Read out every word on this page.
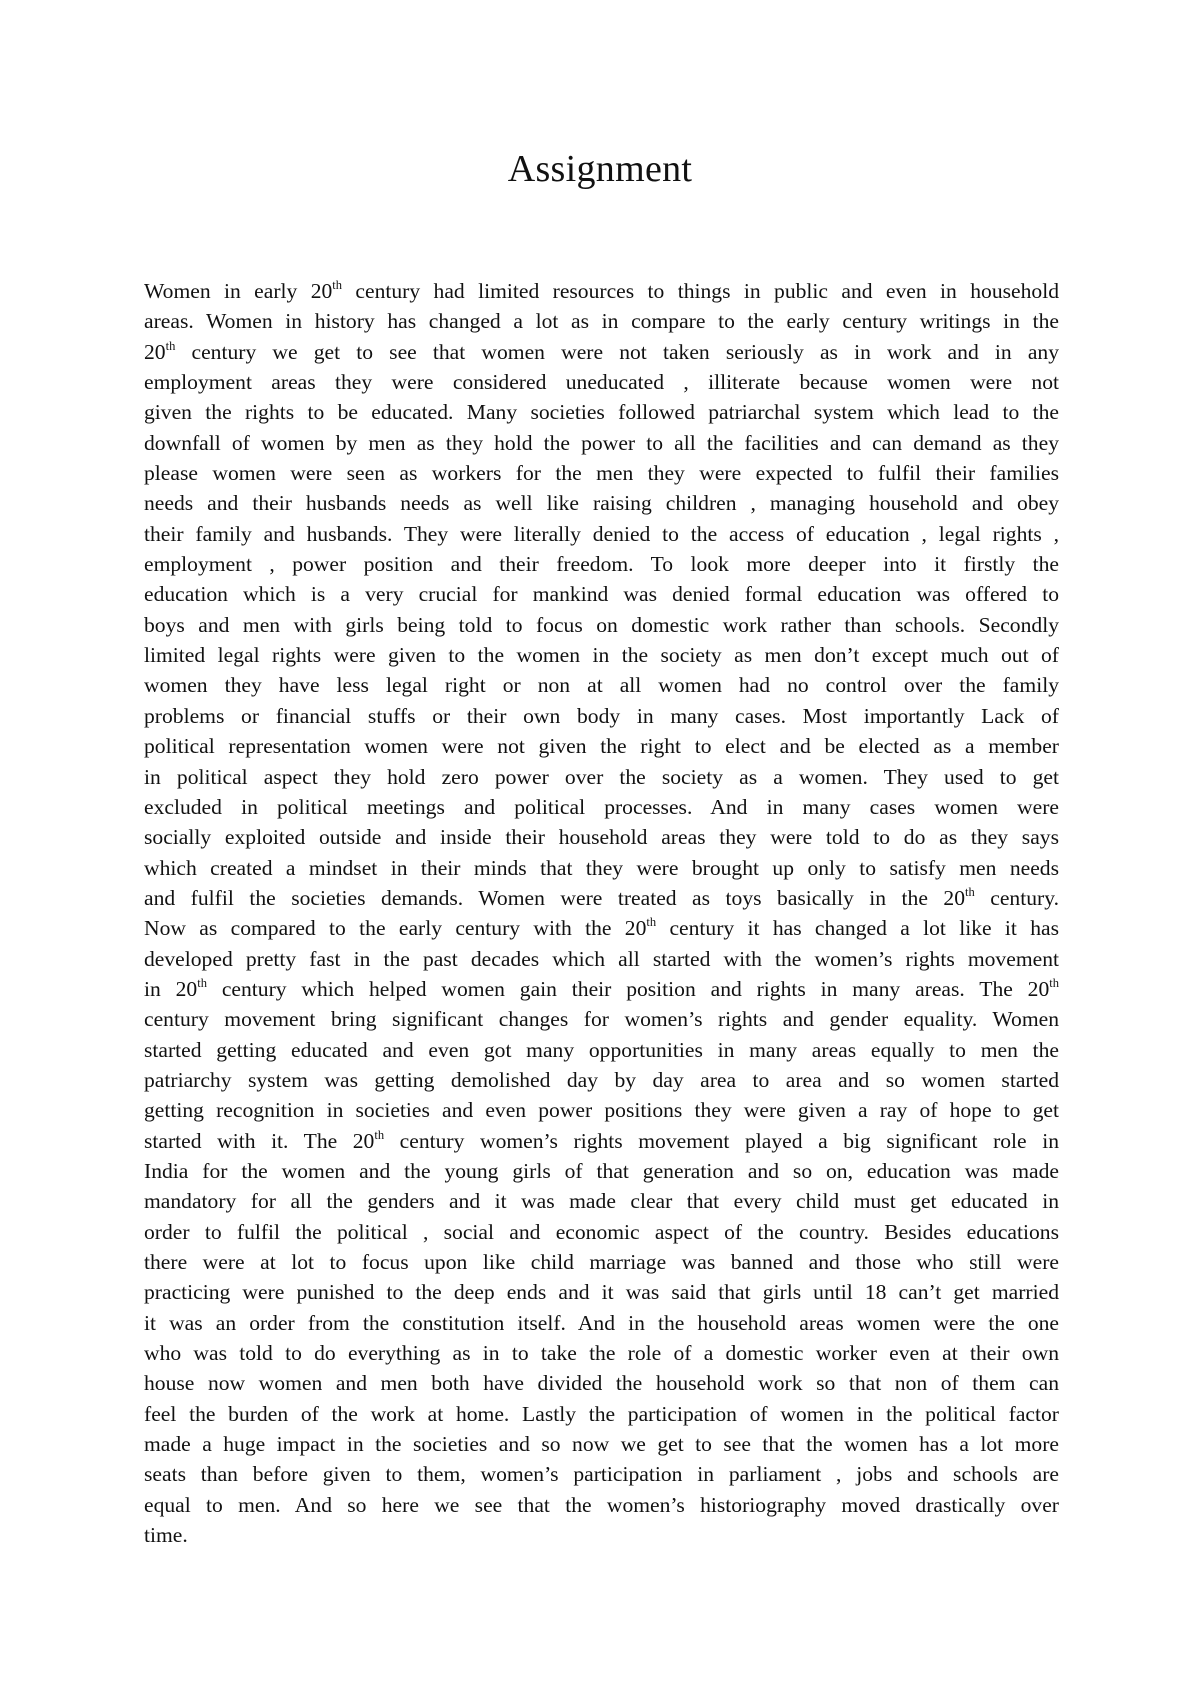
Assignment
Women in early 20th century had limited resources to things in public and even in household
areas. Women in history has changed a lot as in compare to the early century writings in the
20th century we get to see that women were not taken seriously as in work and in any
employment areas they were considered uneducated , illiterate because women were not
given the rights to be educated. Many societies followed patriarchal system which lead to the
downfall of women by men as they hold the power to all the facilities and can demand as they
please women were seen as workers for the men they were expected to fulfil their families
needs and their husbands needs as well like raising children , managing household and obey
their family and husbands. They were literally denied to the access of education , legal rights ,
employment , power position and their freedom. To look more deeper into it firstly the
education which is a very crucial for mankind was denied formal education was offered to
boys and men with girls being told to focus on domestic work rather than schools. Secondly
limited legal rights were given to the women in the society as men don’t except much out of
women they have less legal right or non at all women had no control over the family
problems or financial stuffs or their own body in many cases. Most importantly Lack of
political representation women were not given the right to elect and be elected as a member
in political aspect they hold zero power over the society as a women. They used to get
excluded in political meetings and political processes. And in many cases women were
socially exploited outside and inside their household areas they were told to do as they says
which created a mindset in their minds that they were brought up only to satisfy men needs
and fulfil the societies demands. Women were treated as toys basically in the 20th century.
Now as compared to the early century with the 20th century it has changed a lot like it has
developed pretty fast in the past decades which all started with the women’s rights movement
in 20th century which helped women gain their position and rights in many areas. The 20th
century movement bring significant changes for women’s rights and gender equality. Women
started getting educated and even got many opportunities in many areas equally to men the
patriarchy system was getting demolished day by day area to area and so women started
getting recognition in societies and even power positions they were given a ray of hope to get
started with it. The 20th century women’s rights movement played a big significant role in
India for the women and the young girls of that generation and so on, education was made
mandatory for all the genders and it was made clear that every child must get educated in
order to fulfil the political , social and economic aspect of the country. Besides educations
there were at lot to focus upon like child marriage was banned and those who still were
practicing were punished to the deep ends and it was said that girls until 18 can’t get married
it was an order from the constitution itself. And in the household areas women were the one
who was told to do everything as in to take the role of a domestic worker even at their own
house now women and men both have divided the household work so that non of them can
feel the burden of the work at home. Lastly the participation of women in the political factor
made a huge impact in the societies and so now we get to see that the women has a lot more
seats than before given to them, women’s participation in parliament , jobs and schools are
equal to men. And so here we see that the women’s historiography moved drastically over
time.
